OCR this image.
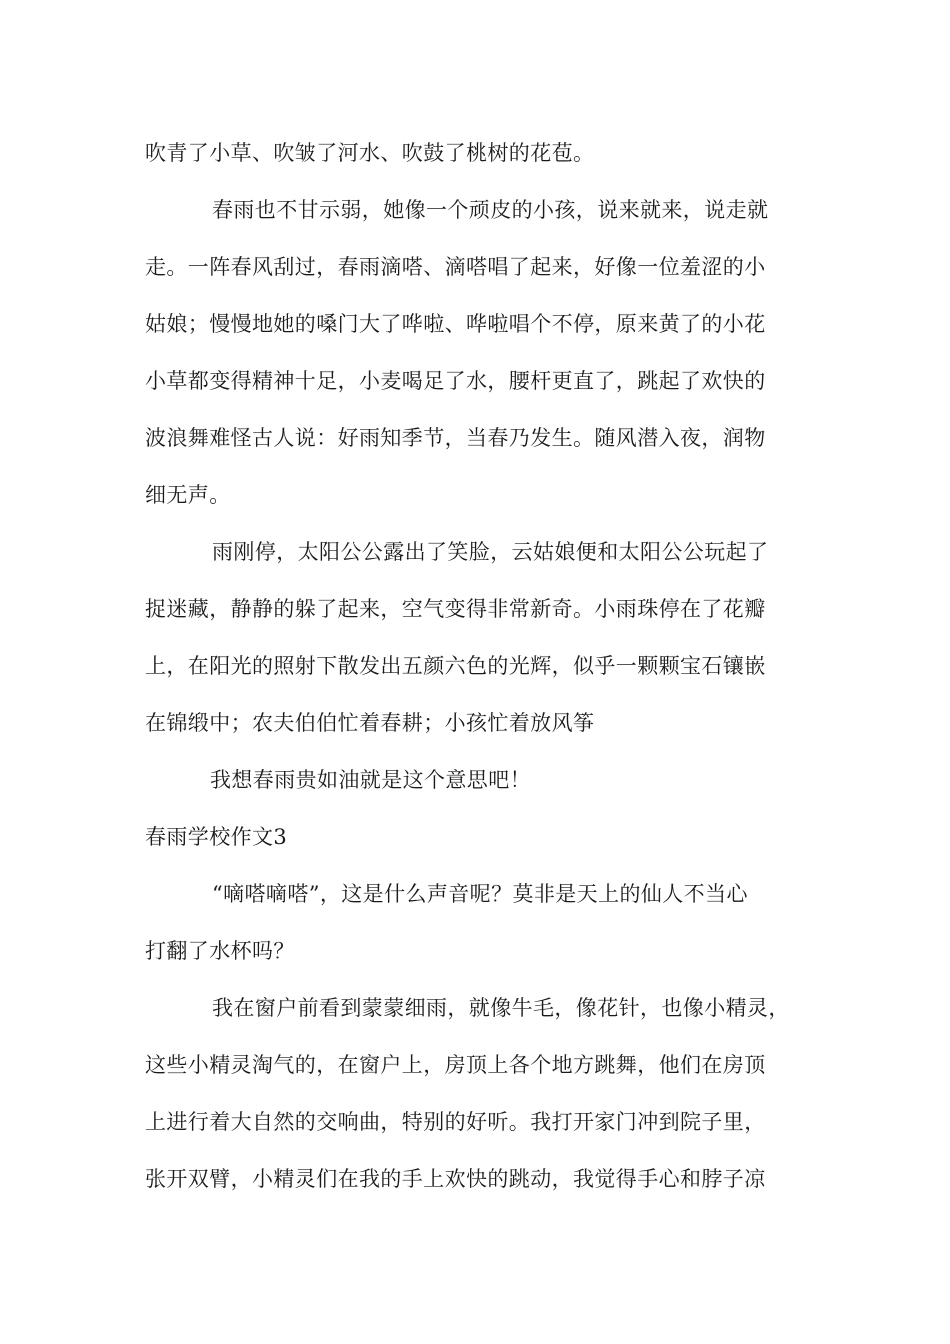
吹青了小草、吹皱了河水、吹鼓了桃树的花苞。
春雨也不甘示弱，她像一个顽皮的小孩，说来就来，说走就
走。一阵春风刮过，春雨滴嗒、滴嗒唱了起来，好像一位羞涩的小
姑娘；慢慢地她的嗓门大了哗啦、哗啦唱个不停，原来黄了的小花
小草都变得精神十足，小麦喝足了水，腰杆更直了，跳起了欢快的
波浪舞难怪古人说：好雨知季节，当春乃发生。随风潜入夜，润物
细无声。
雨刚停，太阳公公露出了笑脸，云姑娘便和太阳公公玩起了
捉迷藏，静静的躲了起来，空气变得非常新奇。小雨珠停在了花瓣
上，在阳光的照射下散发出五颜六色的光辉，似乎一颗颗宝石镶嵌
在锦缎中；农夫伯伯忙着春耕；小孩忙着放风筝
我想春雨贵如油就是这个意思吧！
春雨学校作文3
“嘀嗒嘀嗒”，这是什么声音呢？莫非是天上的仙人不当心
打翻了水杯吗？
我在窗户前看到蒙蒙细雨，就像牛毛，像花针，也像小精灵，
这些小精灵淘气的，在窗户上，房顶上各个地方跳舞，他们在房顶
上进行着大自然的交响曲，特别的好听。我打开家门冲到院子里，
张开双臂，小精灵们在我的手上欢快的跳动，我觉得手心和脖子凉
